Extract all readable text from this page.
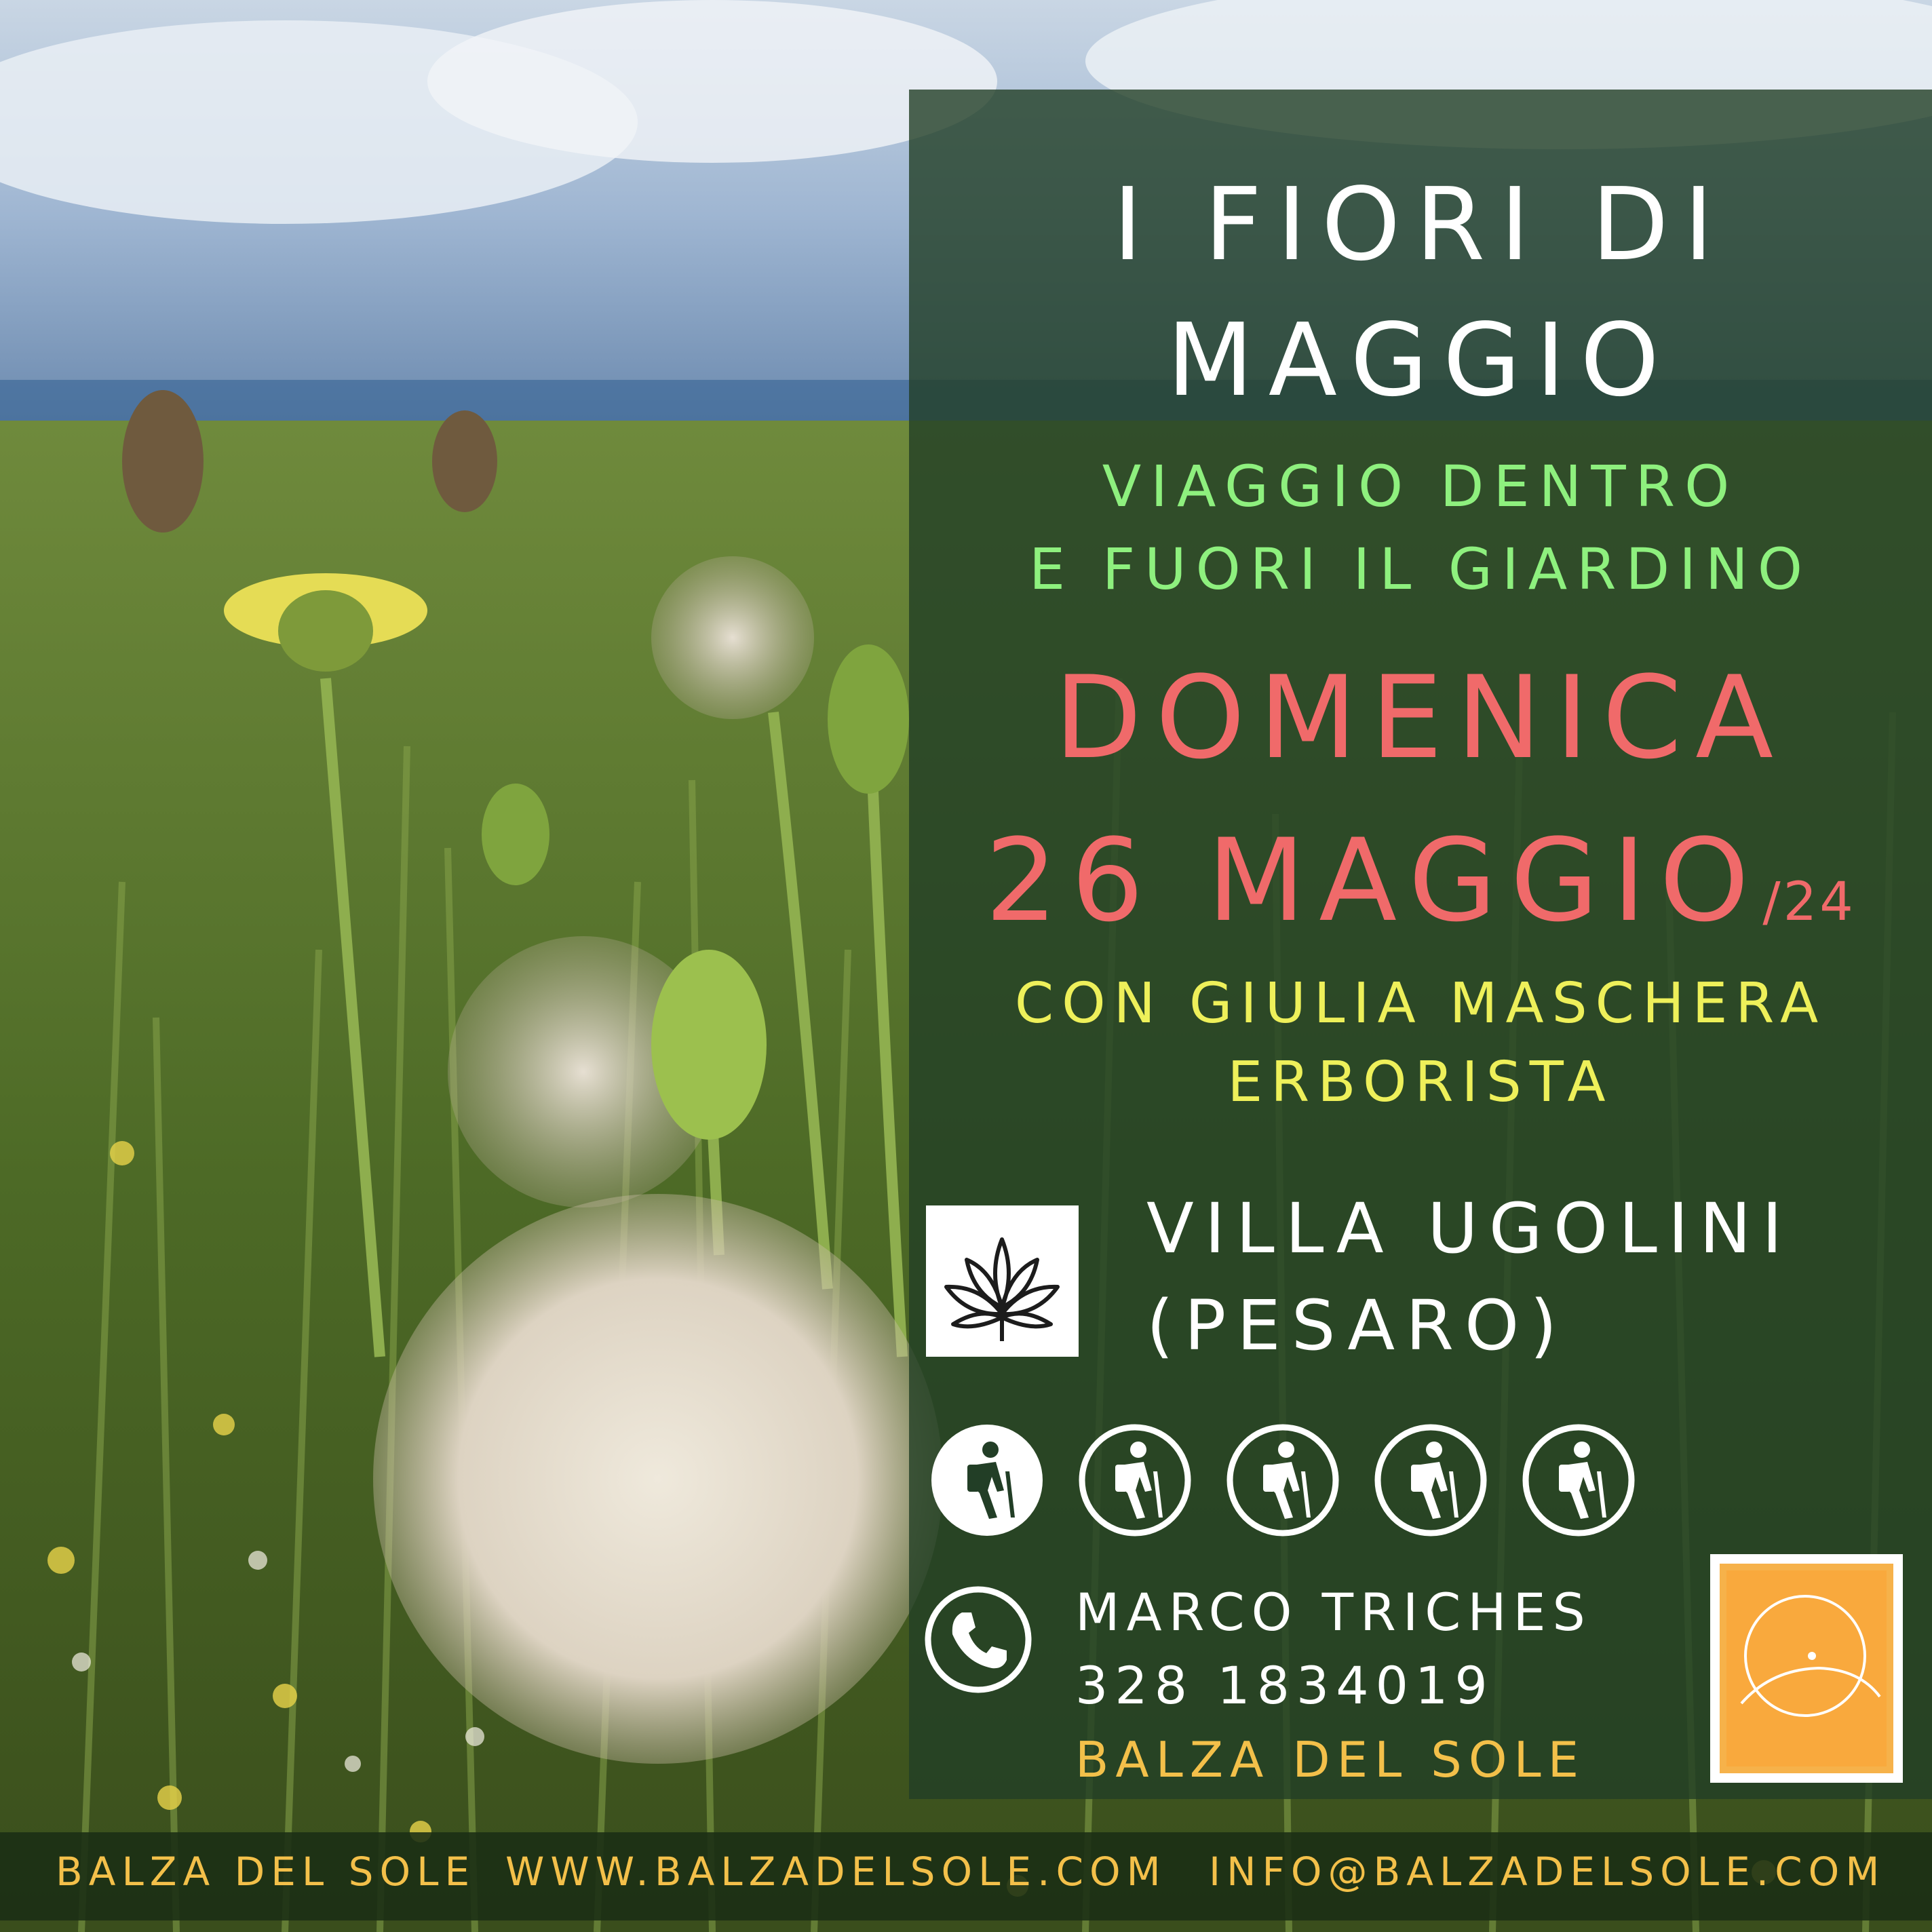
I FIORI DI
MAGGIO

VIAGGIO DENTRO

E FUORI IL GIARDINO

DOMENICA

26 MAGGIO/24

CON GIULIA MASCHERA

ERBORISTA

VILLA UGOLINI

(PESARO)

MARCO TRICHES

328 1834019

BALZA DEL SOLE

BALZA DEL SOLE WWW.BALZADELSOLE.COM INFO@BALZADELSOLE.COM
